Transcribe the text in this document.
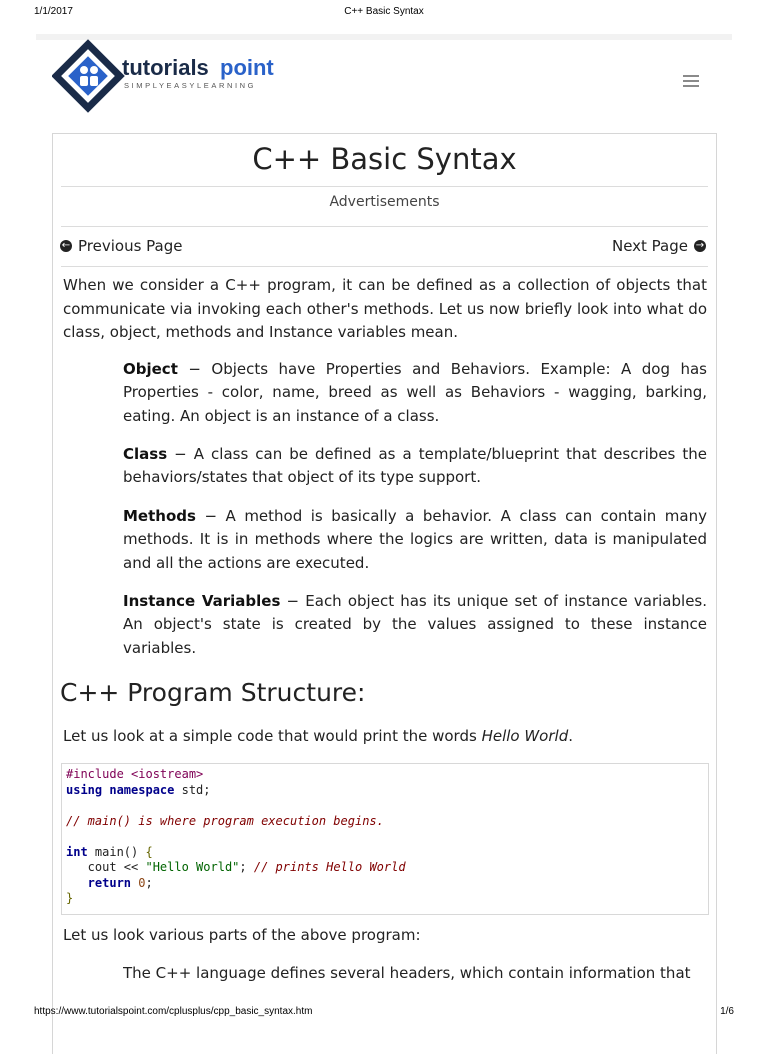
1/1/2017	C++ Basic Syntax
tutorials point
SIMPLYEASYLEARNING
C++ Basic Syntax
Advertisements
← Previous Page	Next Page →

When we consider a C++ program, it can be defined as a collection of objects that communicate via invoking each other's methods. Let us now briefly look into what do class, object, methods and Instance variables mean.

Object − Objects have Properties and Behaviors. Example: A dog has Properties - color, name, breed as well as Behaviors - wagging, barking, eating. An object is an instance of a class.

Class − A class can be defined as a template/blueprint that describes the behaviors/states that object of its type support.

Methods − A method is basically a behavior. A class can contain many methods. It is in methods where the logics are written, data is manipulated and all the actions are executed.

Instance Variables − Each object has its unique set of instance variables. An object's state is created by the values assigned to these instance variables.

C++ Program Structure:

Let us look at a simple code that would print the words Hello World.

#include <iostream>
using namespace std;

// main() is where program execution begins.

int main() {
cout << "Hello World"; // prints Hello World
return 0;
}

Let us look various parts of the above program:

The C++ language defines several headers, which contain information that

https://www.tutorialspoint.com/cplusplus/cpp_basic_syntax.htm	1/6
